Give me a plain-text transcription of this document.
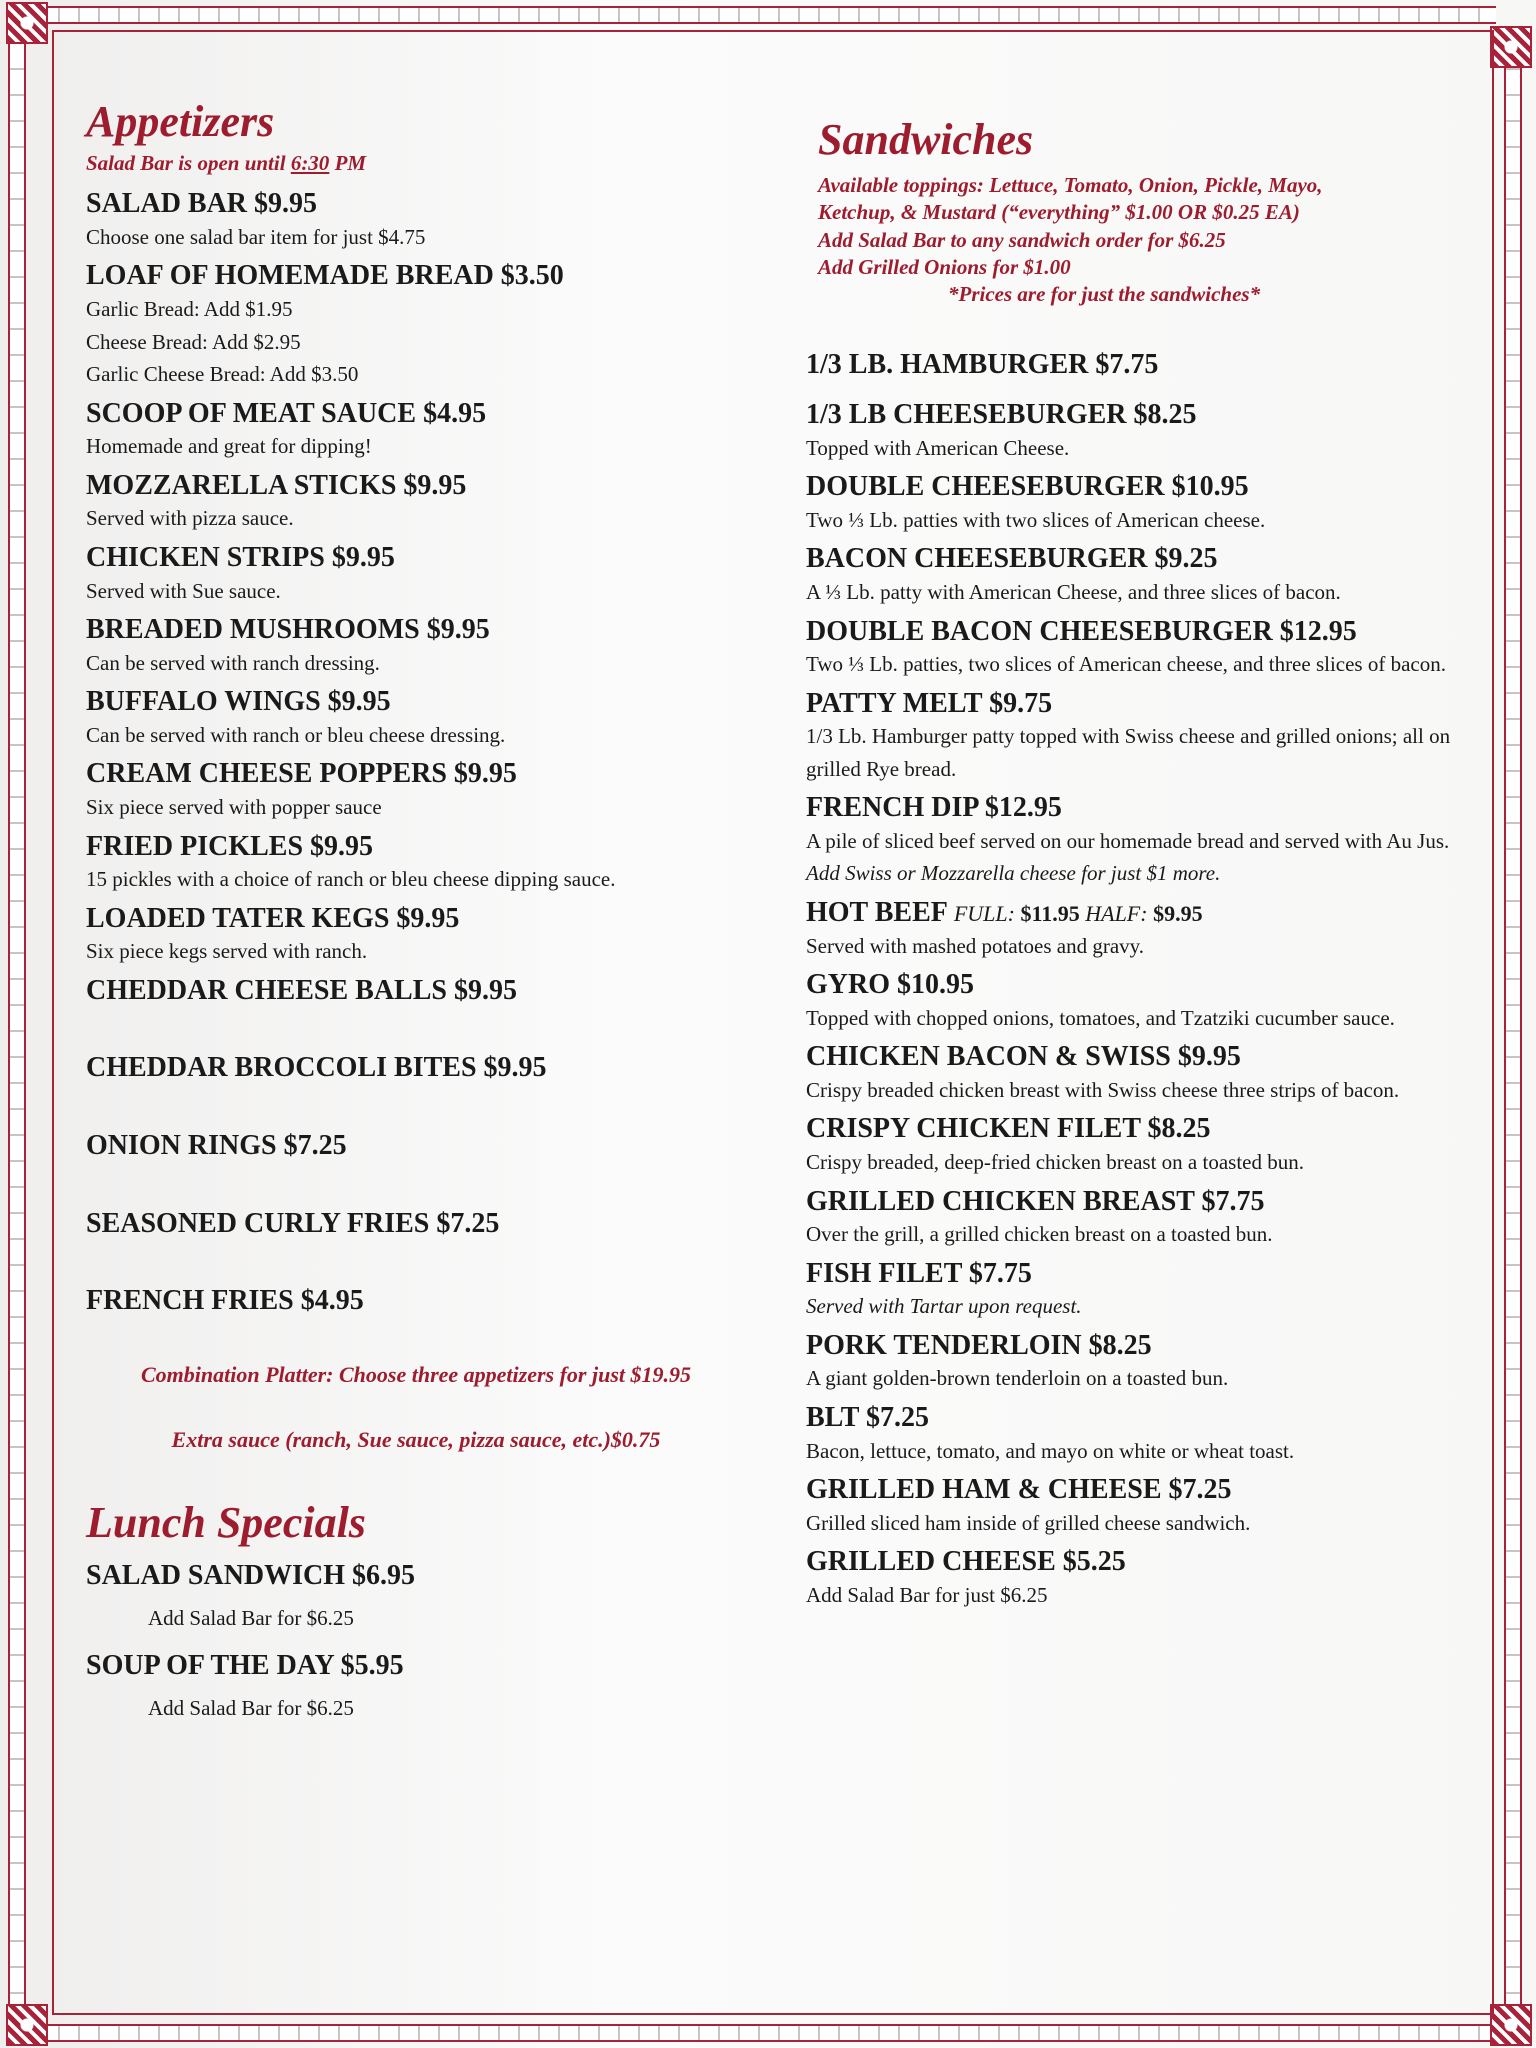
Appetizers
Salad Bar is open until 6:30 PM
SALAD BAR $9.95
Choose one salad bar item for just $4.75
LOAF OF HOMEMADE BREAD $3.50
Garlic Bread: Add $1.95
Cheese Bread: Add $2.95
Garlic Cheese Bread: Add $3.50
SCOOP OF MEAT SAUCE $4.95
Homemade and great for dipping!
MOZZARELLA STICKS $9.95
Served with pizza sauce.
CHICKEN STRIPS $9.95
Served with Sue sauce.
BREADED MUSHROOMS $9.95
Can be served with ranch dressing.
BUFFALO WINGS $9.95
Can be served with ranch or bleu cheese dressing.
CREAM CHEESE POPPERS $9.95
Six piece served with popper sauce
FRIED PICKLES $9.95
15 pickles with a choice of ranch or bleu cheese dipping sauce.
LOADED TATER KEGS $9.95
Six piece kegs served with ranch.
CHEDDAR CHEESE BALLS $9.95
CHEDDAR BROCCOLI BITES $9.95
ONION RINGS $7.25
SEASONED CURLY FRIES $7.25
FRENCH FRIES $4.95
Combination Platter: Choose three appetizers for just $19.95
Extra sauce (ranch, Sue sauce, pizza sauce, etc.)$0.75
Lunch Specials
SALAD SANDWICH $6.95
Add Salad Bar for $6.25
SOUP OF THE DAY $5.95
Add Salad Bar for $6.25
Sandwiches
Available toppings: Lettuce, Tomato, Onion, Pickle, Mayo,
Ketchup, & Mustard (“everything” $1.00 OR $0.25 EA)
Add Salad Bar to any sandwich order for $6.25
Add Grilled Onions for $1.00
*Prices are for just the sandwiches*
1/3 LB. HAMBURGER $7.75
1/3 LB CHEESEBURGER $8.25
Topped with American Cheese.
DOUBLE CHEESEBURGER $10.95
Two ⅓ Lb. patties with two slices of American cheese.
BACON CHEESEBURGER $9.25
A ⅓ Lb. patty with American Cheese, and three slices of bacon.
DOUBLE BACON CHEESEBURGER $12.95
Two ⅓ Lb. patties, two slices of American cheese, and three slices of bacon.
PATTY MELT $9.75
1/3 Lb. Hamburger patty topped with Swiss cheese and grilled onions; all on grilled Rye bread.
FRENCH DIP $12.95
A pile of sliced beef served on our homemade bread and served with Au Jus. Add Swiss or Mozzarella cheese for just $1 more.
HOT BEEF FULL: $11.95 HALF: $9.95
Served with mashed potatoes and gravy.
GYRO $10.95
Topped with chopped onions, tomatoes, and Tzatziki cucumber sauce.
CHICKEN BACON & SWISS $9.95
Crispy breaded chicken breast with Swiss cheese three strips of bacon.
CRISPY CHICKEN FILET $8.25
Crispy breaded, deep-fried chicken breast on a toasted bun.
GRILLED CHICKEN BREAST $7.75
Over the grill, a grilled chicken breast on a toasted bun.
FISH FILET $7.75
Served with Tartar upon request.
PORK TENDERLOIN $8.25
A giant golden-brown tenderloin on a toasted bun.
BLT $7.25
Bacon, lettuce, tomato, and mayo on white or wheat toast.
GRILLED HAM & CHEESE $7.25
Grilled sliced ham inside of grilled cheese sandwich.
GRILLED CHEESE $5.25
Add Salad Bar for just $6.25
